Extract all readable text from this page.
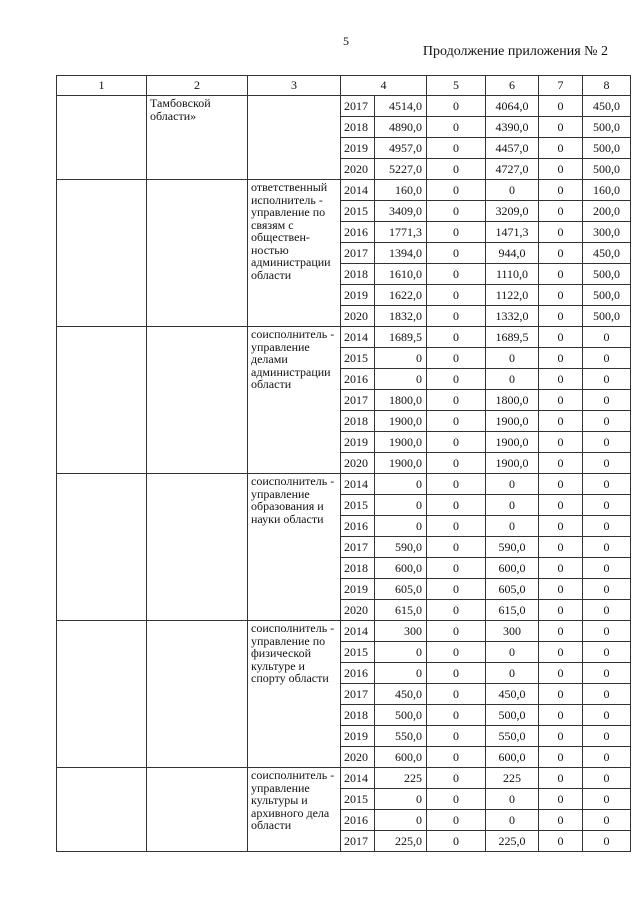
5
Продолжение приложения № 2
1	2	3	4		5	6	7	8
	Тамбовской области»		2017	4514,0	0	4064,0	0	450,0
			2018	4890,0	0	4390,0	0	500,0
			2019	4957,0	0	4457,0	0	500,0
			2020	5227,0	0	4727,0	0	500,0
		ответственный исполнитель - управление по связям с обществен-ностью администрации области	2014	160,0	0	0	0	160,0
			2015	3409,0	0	3209,0	0	200,0
			2016	1771,3	0	1471,3	0	300,0
			2017	1394,0	0	944,0	0	450,0
			2018	1610,0	0	1110,0	0	500,0
			2019	1622,0	0	1122,0	0	500,0
			2020	1832,0	0	1332,0	0	500,0
		соисполнитель - управление делами администрации области	2014	1689,5	0	1689,5	0	0
			2015	0	0	0	0	0
			2016	0	0	0	0	0
			2017	1800,0	0	1800,0	0	0
			2018	1900,0	0	1900,0	0	0
			2019	1900,0	0	1900,0	0	0
			2020	1900,0	0	1900,0	0	0
		соисполнитель - управление образования и науки области	2014	0	0	0	0	0
			2015	0	0	0	0	0
			2016	0	0	0	0	0
			2017	590,0	0	590,0	0	0
			2018	600,0	0	600,0	0	0
			2019	605,0	0	605,0	0	0
			2020	615,0	0	615,0	0	0
		соисполнитель - управление по физической культуре и спорту области	2014	300	0	300	0	0
			2015	0	0	0	0	0
			2016	0	0	0	0	0
			2017	450,0	0	450,0	0	0
			2018	500,0	0	500,0	0	0
			2019	550,0	0	550,0	0	0
			2020	600,0	0	600,0	0	0
		соисполнитель - управление культуры и архивного дела области	2014	225	0	225	0	0
			2015	0	0	0	0	0
			2016	0	0	0	0	0
			2017	225,0	0	225,0	0	0
